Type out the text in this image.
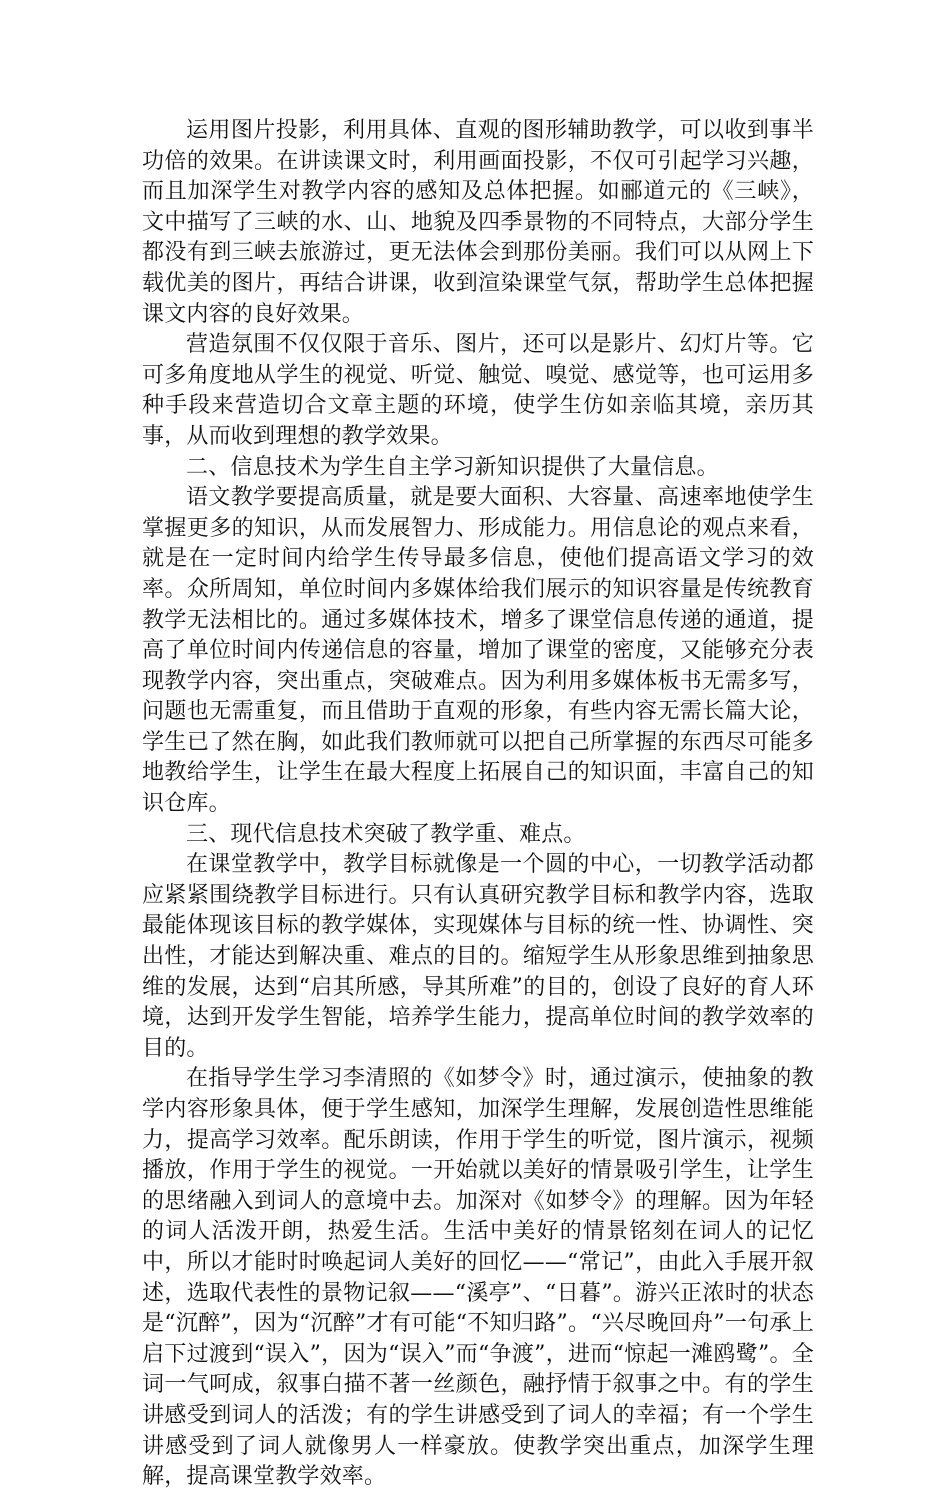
运用图片投影，利用具体、直观的图形辅助教学，可以收到事半功倍的效果。在讲读课文时，利用画面投影，不仅可引起学习兴趣，而且加深学生对教学内容的感知及总体把握。如郦道元的《三峡》，文中描写了三峡的水、山、地貌及四季景物的不同特点，大部分学生都没有到三峡去旅游过，更无法体会到那份美丽。我们可以从网上下载优美的图片，再结合讲课，收到渲染课堂气氛，帮助学生总体把握课文内容的良好效果。

营造氛围不仅仅限于音乐、图片，还可以是影片、幻灯片等。它可多角度地从学生的视觉、听觉、触觉、嗅觉、感觉等，也可运用多种手段来营造切合文章主题的环境，使学生仿如亲临其境，亲历其事，从而收到理想的教学效果。

二、信息技术为学生自主学习新知识提供了大量信息。

语文教学要提高质量，就是要大面积、大容量、高速率地使学生掌握更多的知识，从而发展智力、形成能力。用信息论的观点来看，就是在一定时间内给学生传导最多信息，使他们提高语文学习的效率。众所周知，单位时间内多媒体给我们展示的知识容量是传统教育教学无法相比的。通过多媒体技术，增多了课堂信息传递的通道，提高了单位时间内传递信息的容量，增加了课堂的密度，又能够充分表现教学内容，突出重点，突破难点。因为利用多媒体板书无需多写，问题也无需重复，而且借助于直观的形象，有些内容无需长篇大论，学生已了然在胸，如此我们教师就可以把自己所掌握的东西尽可能多地教给学生，让学生在最大程度上拓展自己的知识面，丰富自己的知识仓库。

三、现代信息技术突破了教学重、难点。

在课堂教学中，教学目标就像是一个圆的中心，一切教学活动都应紧紧围绕教学目标进行。只有认真研究教学目标和教学内容，选取最能体现该目标的教学媒体，实现媒体与目标的统一性、协调性、突出性，才能达到解决重、难点的目的。缩短学生从形象思维到抽象思维的发展，达到“启其所感，导其所难”的目的，创设了良好的育人环境，达到开发学生智能，培养学生能力，提高单位时间的教学效率的目的。

在指导学生学习李清照的《如梦令》时，通过演示，使抽象的教学内容形象具体，便于学生感知，加深学生理解，发展创造性思维能力，提高学习效率。配乐朗读，作用于学生的听觉，图片演示，视频播放，作用于学生的视觉。一开始就以美好的情景吸引学生，让学生的思绪融入到词人的意境中去。加深对《如梦令》的理解。因为年轻的词人活泼开朗，热爱生活。生活中美好的情景铭刻在词人的记忆中，所以才能时时唤起词人美好的回忆——“常记”，由此入手展开叙述，选取代表性的景物记叙——“溪亭”、“日暮”。游兴正浓时的状态是“沉醉”，因为“沉醉”才有可能“不知归路”。“兴尽晚回舟”一句承上启下过渡到“误入”，因为“误入”而“争渡”，进而“惊起一滩鸥鹭”。全词一气呵成，叙事白描不著一丝颜色，融抒情于叙事之中。有的学生讲感受到词人的活泼；有的学生讲感受到了词人的幸福；有一个学生讲感受到了词人就像男人一样豪放。使教学突出重点，加深学生理解，提高课堂教学效率。
